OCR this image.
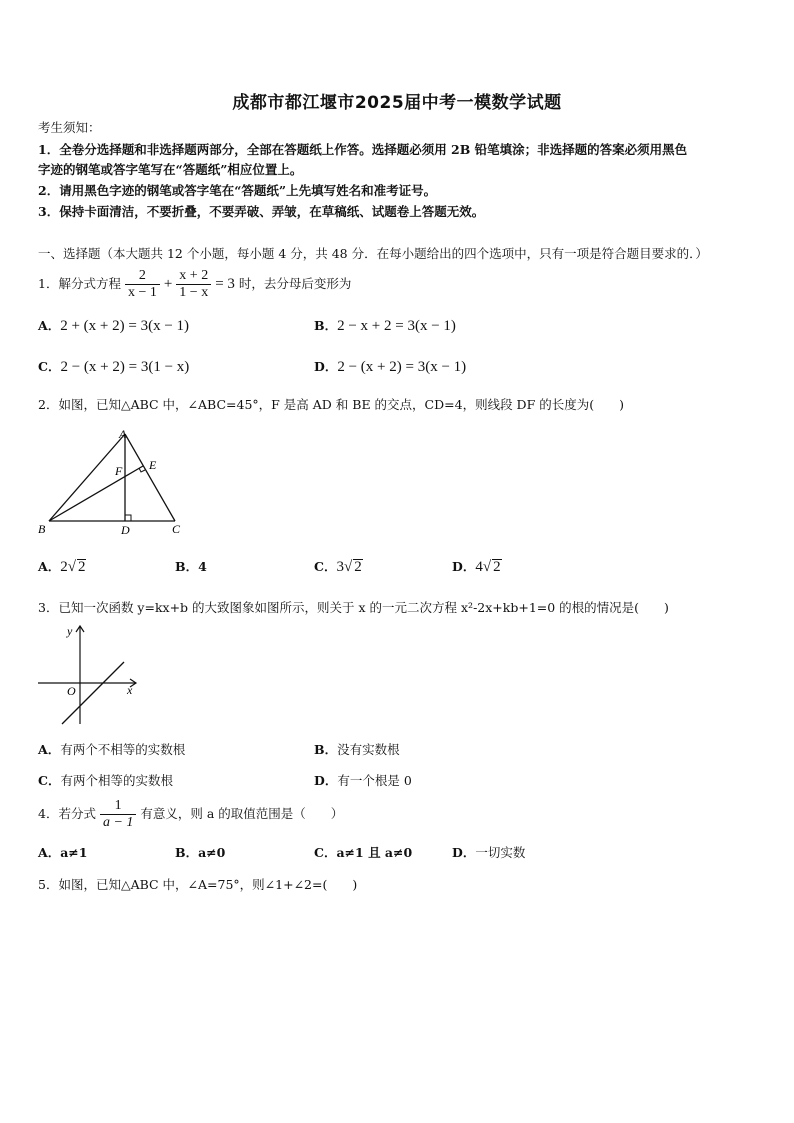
成都市都江堰市2025届中考一模数学试题
考生须知：
1．全卷分选择题和非选择题两部分，全部在答题纸上作答。选择题必须用 2B 铅笔填涂；非选择题的答案必须用黑色
字迹的钢笔或答字笔写在“答题纸”相应位置上。
2．请用黑色字迹的钢笔或答字笔在“答题纸”上先填写姓名和准考证号。
3．保持卡面清洁，不要折叠，不要弄破、弄皱，在草稿纸、试题卷上答题无效。
一、选择题（本大题共 12 个小题，每小题 4 分，共 48 分．在每小题给出的四个选项中，只有一项是符合题目要求的．）
1．解分式方程 $\frac{2}{x - 1} + \frac{x + 2}{1 - x} = 3$ 时，去分母后变形为
A．2 + (x + 2) = 3(x − 1)	B．2 − x + 2 = 3(x − 1)
C．2 − (x + 2) = 3(1 − x)	D．2 − (x + 2) = 3(x − 1)
2．如图，已知△ABC 中，∠ABC=45°，F 是高 AD 和 BE 的交点，CD=4，则线段 DF 的长度为(　　)
A
B	C
D
E
F
A．2√ 2	B．4	C．3√ 2	D．4√ 2
3．已知一次函数 y=kx+b 的大致图象如图所示，则关于 x 的一元二次方程 x²-2x+kb+1=0 的根的情况是(　　)
y
x
O
A．有两个不相等的实数根	B．没有实数根
C．有两个相等的实数根	D．有一个根是 0
4．若分式 $\frac{1}{a - 1}$ 有意义，则 a 的取值范围是（　　）
A．a≠1	B．a≠0	C．a≠1 且 a≠0	D．一切实数
5．如图，已知△ABC 中，∠A=75°，则∠1+∠2=(　　)
